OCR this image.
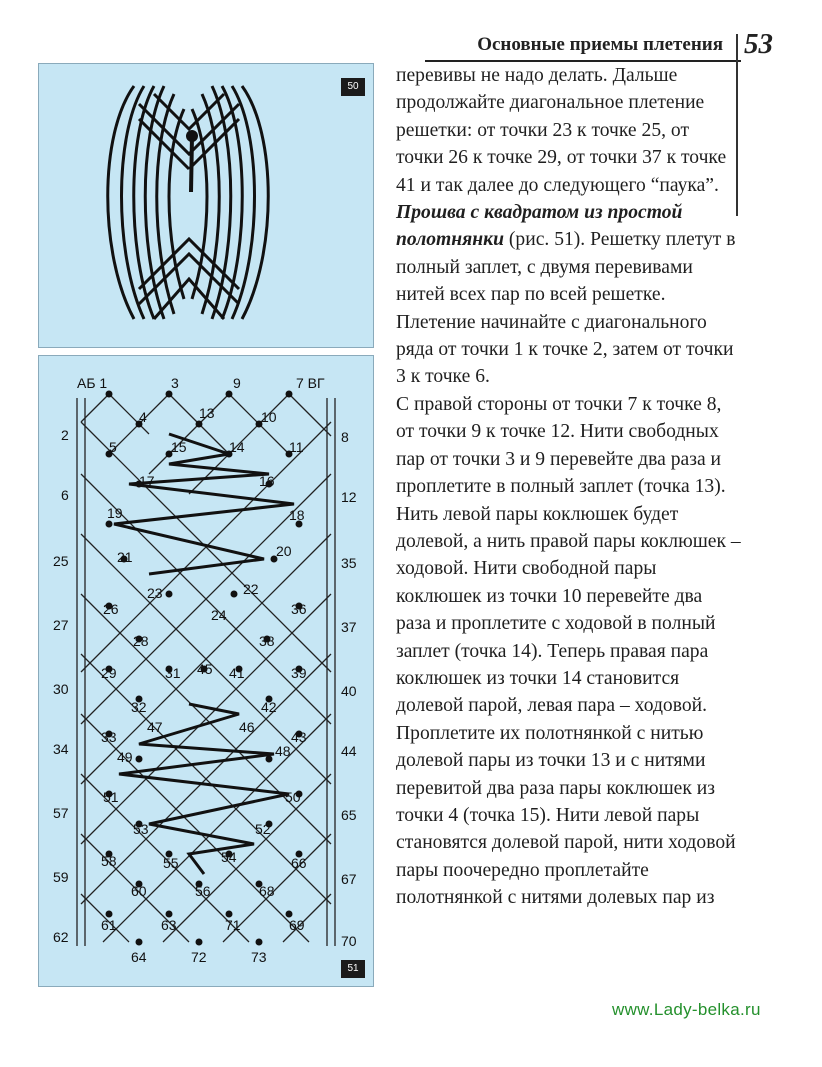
Основные приемы плетения 53
50
АБ 1	3	9	7 ВГ
2
6
25
27
30
34
57
59
62
8
12
35
37
40
44
65
67
70
64	72	73
4	13	10
5	15	14	11
17	16
19	18
21	20
23	22
24
26	36
28	38
29	31 45 41	39
32	42
47	46
33	43
49	48
51	50
53	52
58	55	54	66
60	56	68
61	63	71	69
51

перевивы не надо делать. Дальше продолжайте диагональное плетение решетки: от точки 23 к точке 25, от точки 26 к точке 29, от точки 37 к точке 41 и так далее до следующего “паука”.

Прошва с квадратом из простой полотнянки (рис. 51). Решетку плетут в полный заплет, с двумя перевивами нитей всех пар по всей решетке.

Плетение начинайте с диагонального ряда от точки 1 к точке 2, затем от точки 3 к точке 6.

С правой стороны от точки 7 к точке 8, от точки 9 к точке 12. Нити свободных пар от точки 3 и 9 перевейте два раза и проплетите в полный заплет (точка 13). Нить левой пары коклюшек будет долевой, а нить правой пары коклюшек – ходовой. Нити свободной пары коклюшек из точки 10 перевейте два раза и проплетите с ходовой в полный заплет (точка 14). Теперь правая пара коклюшек из точки 14 становится долевой парой, левая пара – ходовой. Проплетите их полотнянкой с нитью долевой пары из точки 13 и с нитями перевитой два раза пары коклюшек из точки 4 (точка 15). Нити левой пары становятся долевой парой, нити ходовой пары поочередно проплетайте полотнянкой с нитями долевых пар из

www.Lady-belka.ru
